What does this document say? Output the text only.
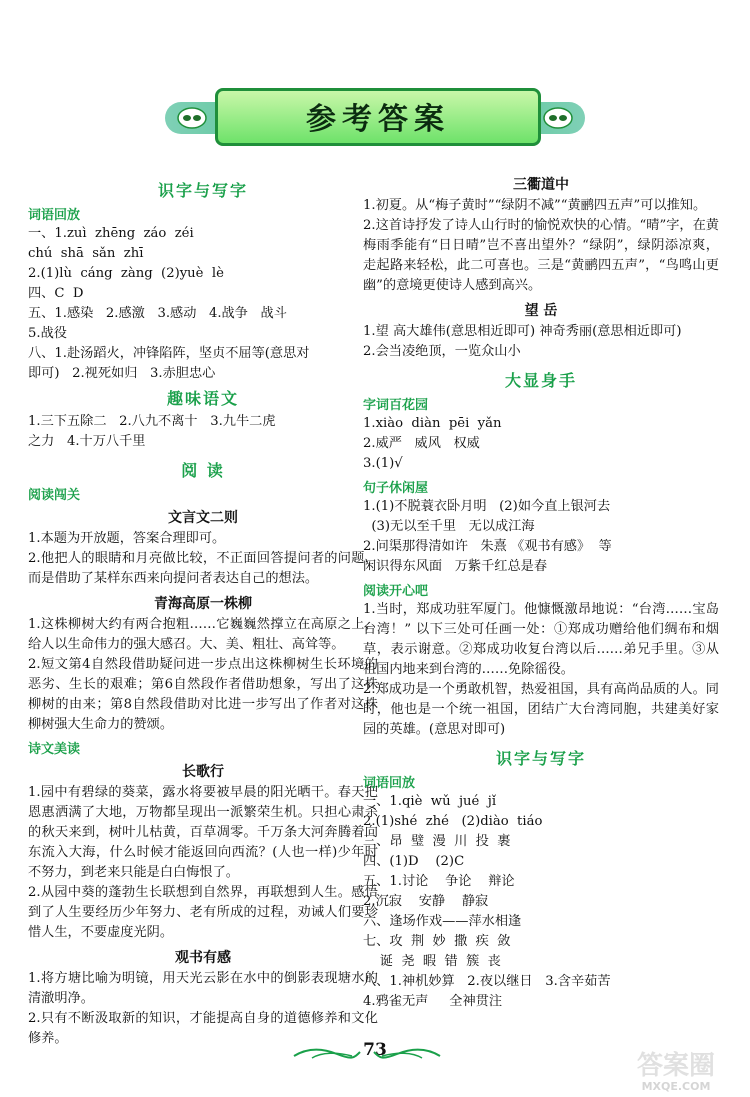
参考答案
识字与写字
词语回放
一、1.zuì  zhēng  záo  zéi
chú  shā  sǎn  zhī
2.(1)lù  cáng  zàng  (2)yuè  lè
四、C  D
五、1.感染   2.感激   3.感动   4.战争   战斗
5.战役
八、1.赴汤蹈火，冲锋陷阵，坚贞不屈等(意思对
即可)   2.视死如归   3.赤胆忠心
趣味语文
1.三下五除二   2.八九不离十   3.九牛二虎
之力   4.十万八千里
阅 读
阅读闯关
文言文二则
1.本题为开放题，答案合理即可。
2.他把人的眼睛和月亮做比较，不正面回答提问者的问题，而是借助了某样东西来向提问者表达自己的想法。
青海高原一株柳
1.这株柳树大约有两合抱粗……它巍巍然撑立在高原之上，给人以生命伟力的强大感召。大、美、粗壮、高耸等。
2.短文第4自然段借助疑问进一步点出这株柳树生长环境的恶劣、生长的艰难；第6自然段作者借助想象，写出了这株柳树的由来；第8自然段借助对比进一步写出了作者对这株柳树强大生命力的赞颂。
诗文美读
长歌行
1.园中有碧绿的葵菜，露水将要被早晨的阳光晒干。春天把恩惠洒满了大地，万物都呈现出一派繁荣生机。只担心肃杀的秋天来到，树叶儿枯黄，百草凋零。千万条大河奔腾着向东流入大海，什么时候才能返回向西流？(人也一样)少年时不努力，到老来只能是白白悔恨了。
2.从园中葵的蓬勃生长联想到自然界，再联想到人生。感悟到了人生要经历少年努力、老有所成的过程，劝诫人们要珍惜人生，不要虚度光阴。
观书有感
1.将方塘比喻为明镜，用天光云影在水中的倒影表现塘水的清澈明净。
2.只有不断汲取新的知识，才能提高自身的道德修养和文化修养。
三衢道中
1.初夏。从“梅子黄时”“绿阴不减”“黄鹂四五声”可以推知。
2.这首诗抒发了诗人山行时的愉悦欢快的心情。“晴”字，在黄梅雨季能有“日日晴”岂不喜出望外？“绿阴”，绿阴添凉爽，走起路来轻松，此二可喜也。三是“黄鹂四五声”，“鸟鸣山更幽”的意境更使诗人感到高兴。
望 岳
1.望 高大雄伟(意思相近即可) 神奇秀丽(意思相近即可)
2.会当凌绝顶，一览众山小
大显身手
字词百花园
1.xiào  diàn  pēi  yǎn
2.威严   威风   权威
3.(1)√
句子休闲屋
1.(1)不脱蓑衣卧月明   (2)如今直上银河去
(3)无以至千里   无以成江海
2.问渠那得清如许   朱熹 《观书有感》  等
闲识得东风面   万紫千红总是春
阅读开心吧
1.当时，郑成功驻军厦门。他慷慨激昂地说：“台湾……宝岛台湾！” 以下三处可任画一处：①郑成功赠给他们绸布和烟草，表示谢意。②郑成功收复台湾以后……弟兄手里。③从祖国内地来到台湾的……免除徭役。
2.郑成功是一个勇敢机智，热爱祖国，具有高尚品质的人。同时，他也是一个统一祖国，团结广大台湾同胞，共建美好家园的英雄。(意思对即可)
识字与写字
词语回放
一、1.qiè  wǔ  jué  jǐ
2.(1)shé  zhé   (2)diào  tiáo
三、昂  璧  漫  川  投  裹
四、(1)D    (2)C
五、1.讨论    争论    辩论
2.沉寂    安静    静寂
六、逢场作戏——萍水相逢
七、攻  荆  妙  撒  疾  敛
诞  尧  暇  错  簇  丧
八、1.神机妙算   2.夜以继日   3.含辛茹苦
4.鸦雀无声     全神贯注
73
答案圈
MXQE.COM
